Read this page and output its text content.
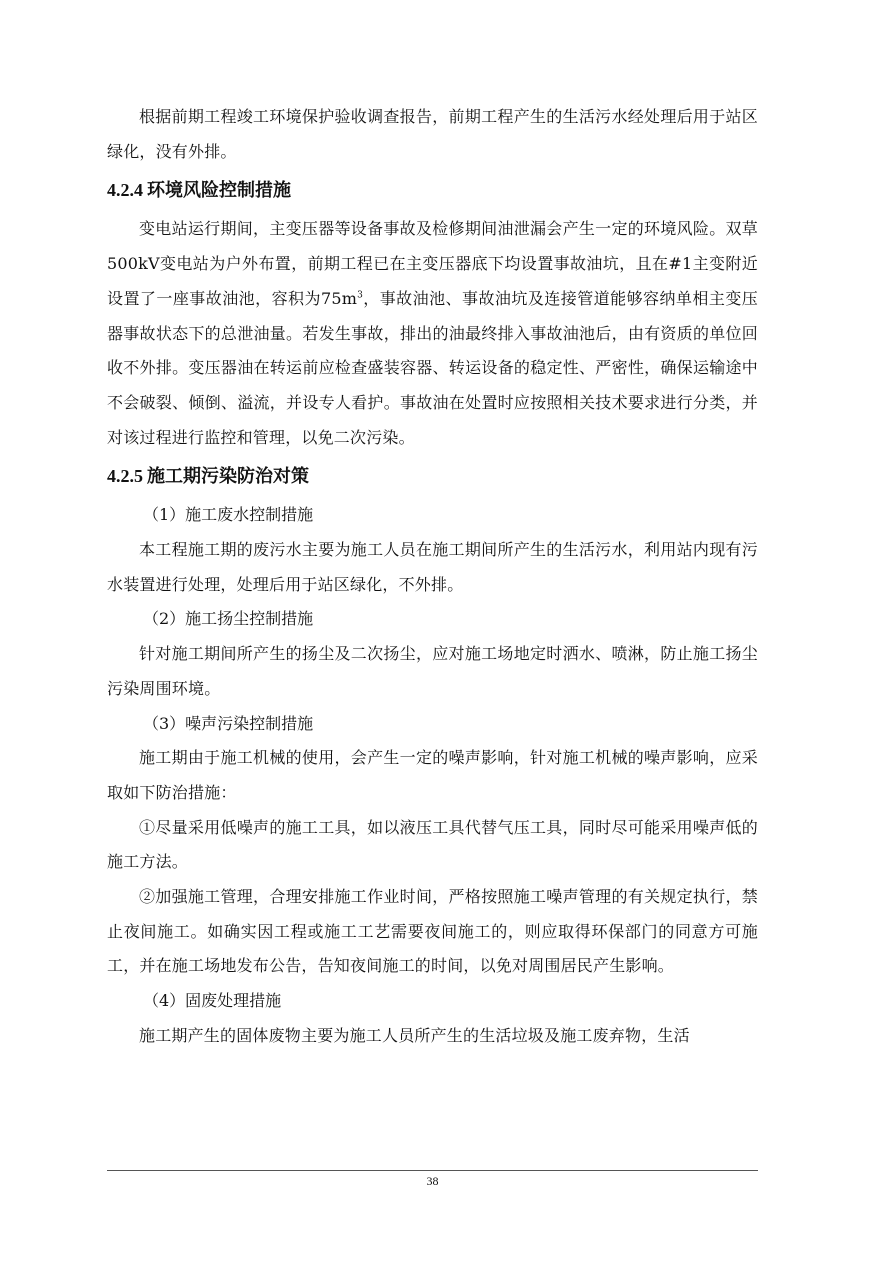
根据前期工程竣工环境保护验收调查报告，前期工程产生的生活污水经处理后用于站区绿化，没有外排。

4.2.4 环境风险控制措施

变电站运行期间，主变压器等设备事故及检修期间油泄漏会产生一定的环境风险。双草500kV变电站为户外布置，前期工程已在主变压器底下均设置事故油坑，且在#1主变附近设置了一座事故油池，容积为$75m^3$，事故油池、事故油坑及连接管道能够容纳单相主变压器事故状态下的总泄油量。若发生事故，排出的油最终排入事故油池后，由有资质的单位回收不外排。变压器油在转运前应检查盛装容器、转运设备的稳定性、严密性，确保运输途中不会破裂、倾倒、溢流，并设专人看护。事故油在处置时应按照相关技术要求进行分类，并对该过程进行监控和管理，以免二次污染。

4.2.5 施工期污染防治对策

（1）施工废水控制措施

本工程施工期的废污水主要为施工人员在施工期间所产生的生活污水，利用站内现有污水装置进行处理，处理后用于站区绿化，不外排。

（2）施工扬尘控制措施

针对施工期间所产生的扬尘及二次扬尘，应对施工场地定时洒水、喷淋，防止施工扬尘污染周围环境。

（3）噪声污染控制措施

施工期由于施工机械的使用，会产生一定的噪声影响，针对施工机械的噪声影响，应采取如下防治措施：

①尽量采用低噪声的施工工具，如以液压工具代替气压工具，同时尽可能采用噪声低的施工方法。

②加强施工管理，合理安排施工作业时间，严格按照施工噪声管理的有关规定执行，禁止夜间施工。如确实因工程或施工工艺需要夜间施工的，则应取得环保部门的同意方可施工，并在施工场地发布公告，告知夜间施工的时间，以免对周围居民产生影响。

（4）固废处理措施

施工期产生的固体废物主要为施工人员所产生的生活垃圾及施工废弃物，生活

38
